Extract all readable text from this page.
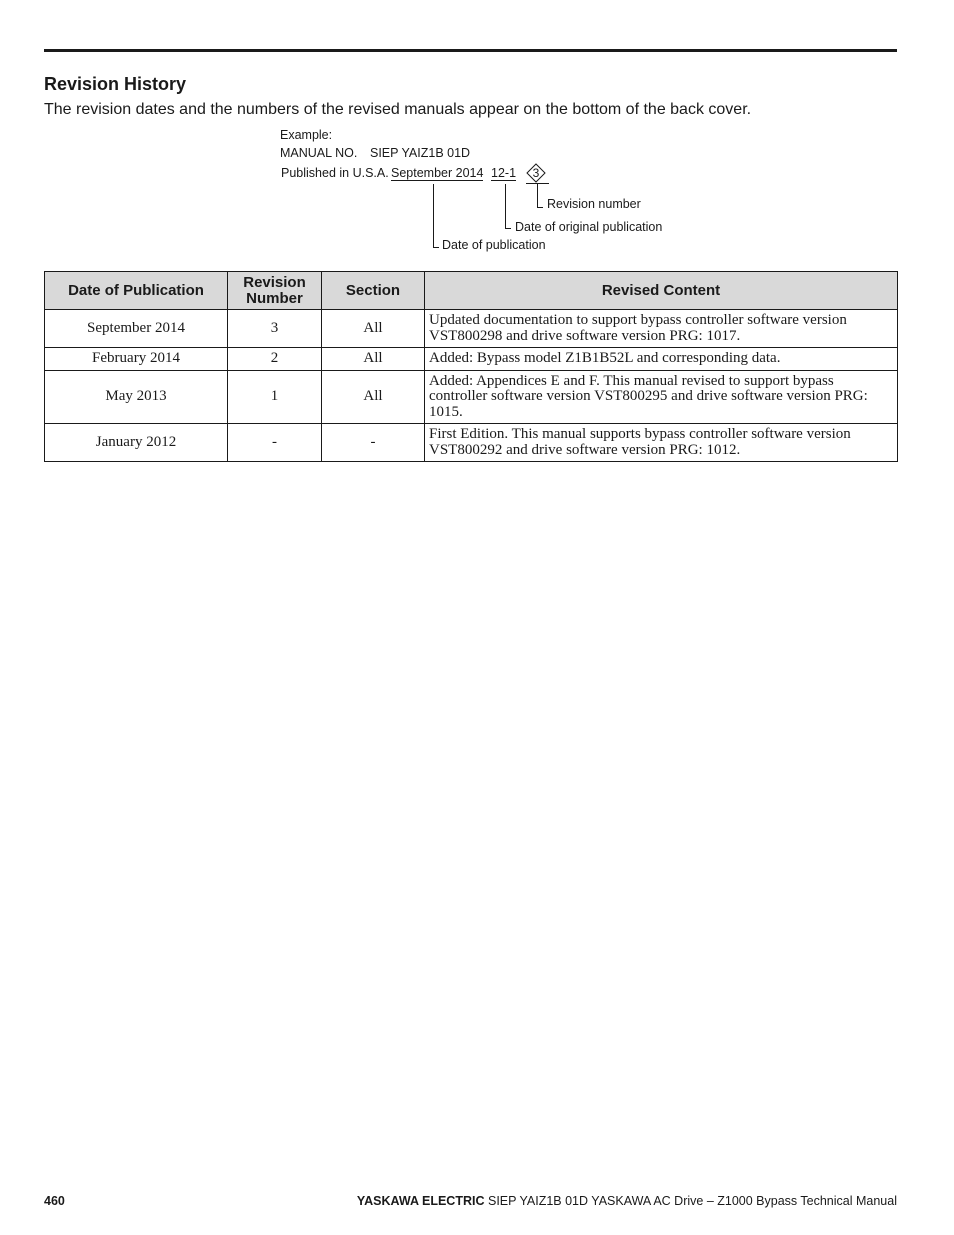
Revision History
The revision dates and the numbers of the revised manuals appear on the bottom of the back cover.
Example:
MANUAL NO. SIEP YAIZ1B 01D
Published in U.S.A. September 2014 12-1	3
Revision number
Date of original publication
Date of publication
Date of Publication	Revision Number	Section	Revised Content
September 2014	3	All	Updated documentation to support bypass controller software version VST800298 and drive software version PRG: 1017.
February 2014	2	All	Added: Bypass model Z1B1B52L and corresponding data.
May 2013	1	All	Added: Appendices E and F. This manual revised to support bypass controller software version VST800295 and drive software version PRG: 1015.
January 2012	-	-	First Edition. This manual supports bypass controller software version VST800292 and drive software version PRG: 1012.
460	YASKAWA ELECTRIC SIEP YAIZ1B 01D YASKAWA AC Drive – Z1000 Bypass Technical Manual
